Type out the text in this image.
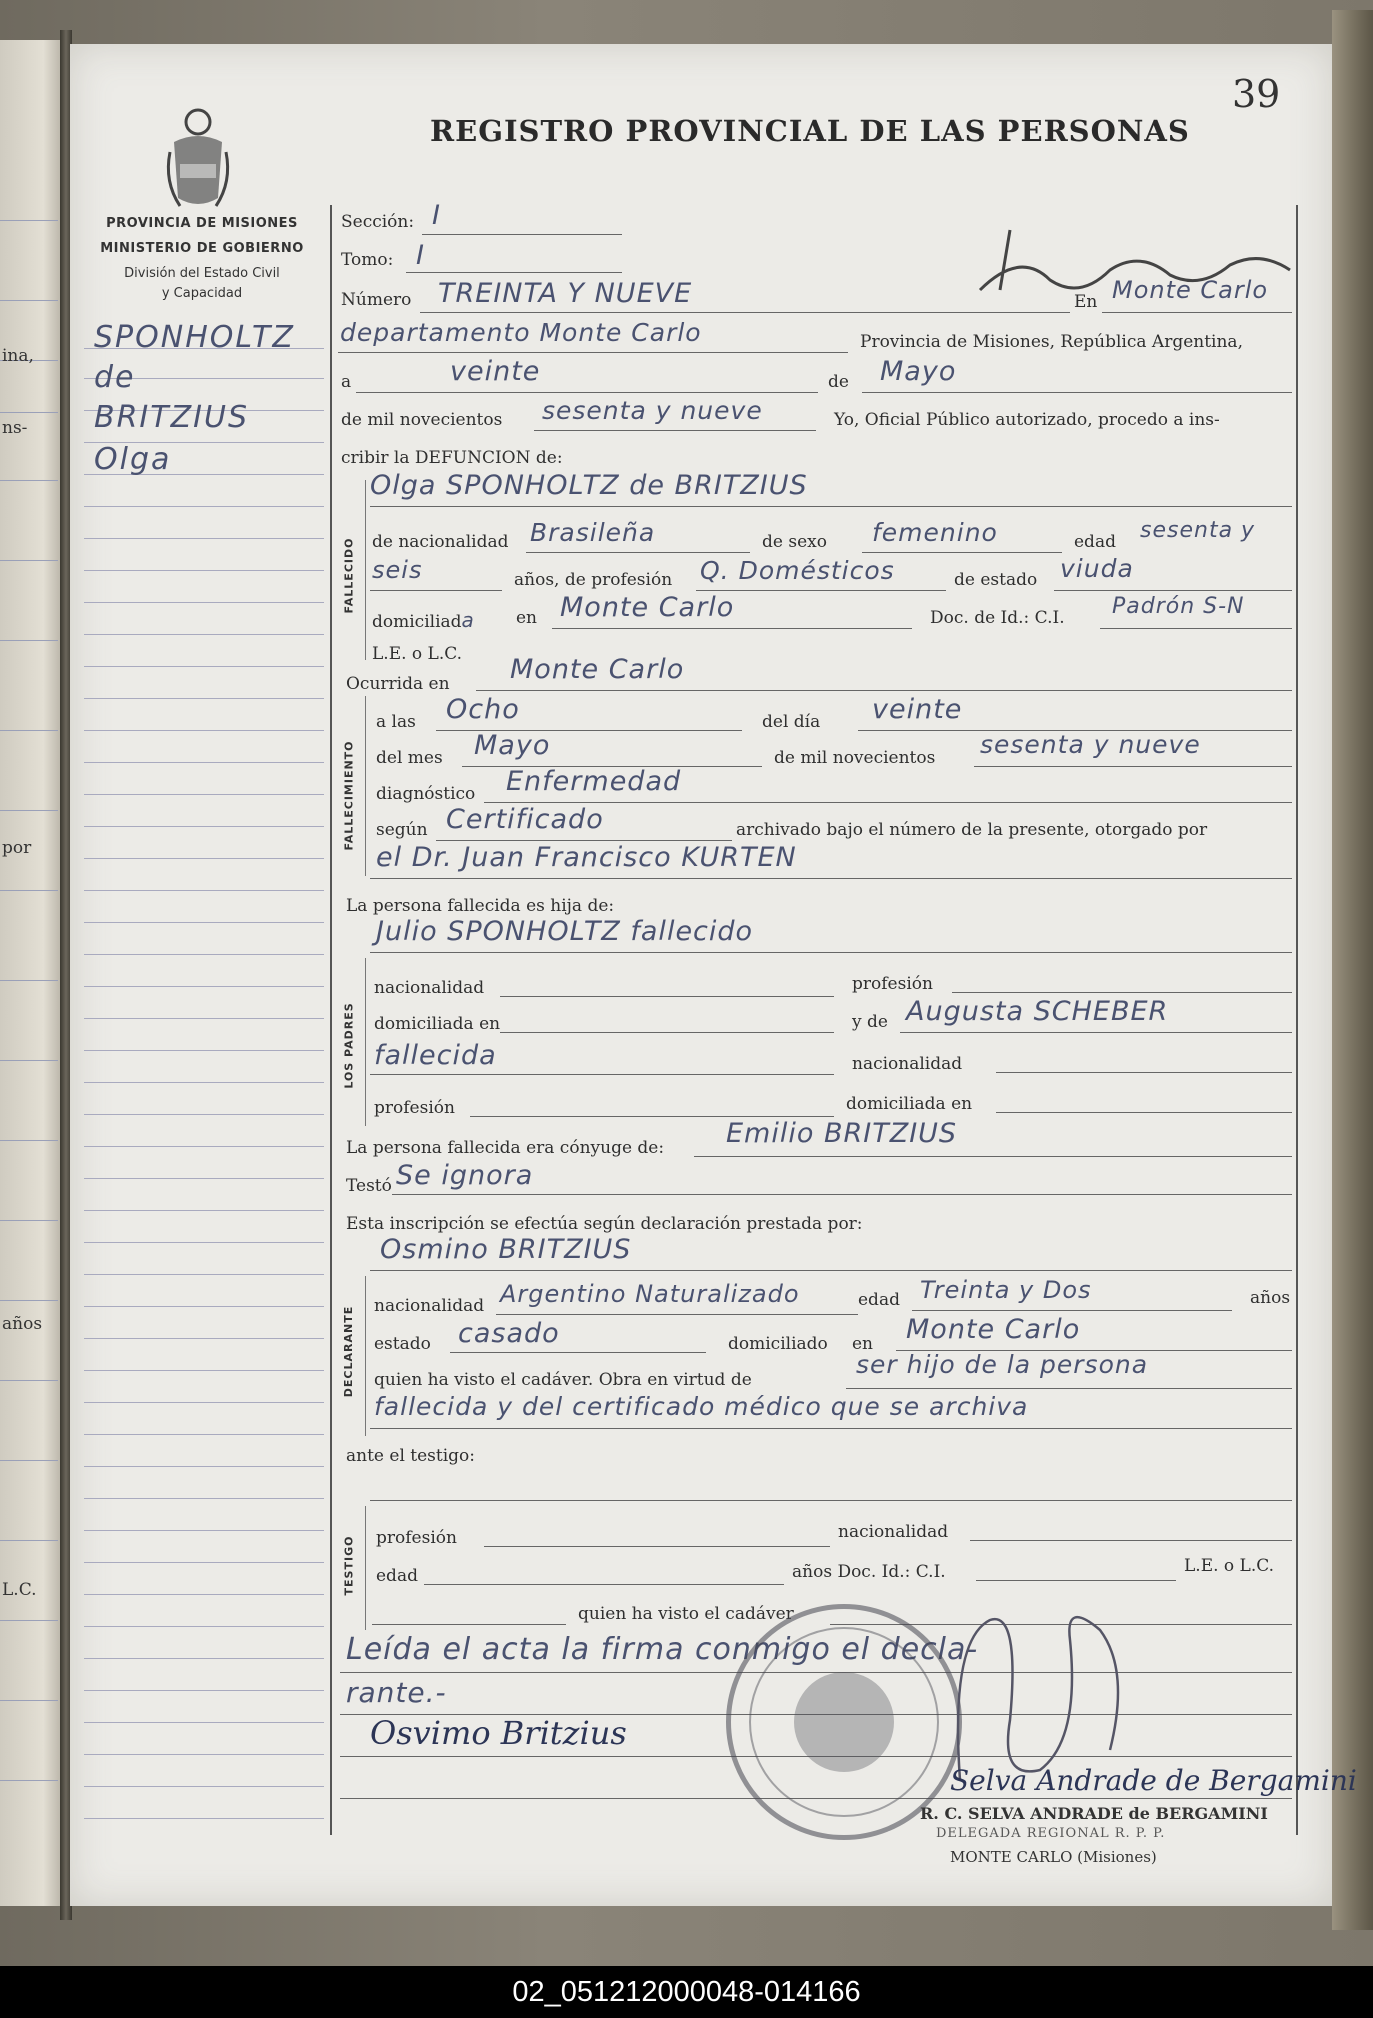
ina,
ns-
por
años
L.C.
39
REGISTRO PROVINCIAL DE LAS PERSONAS
PROVINCIA DE MISIONES
MINISTERIO DE GOBIERNO
División del Estado Civil
y Capacidad
SPONHOLTZ
de
BRITZIUS
Olga
Sección: I
Tomo: I
Número TREINTA Y NUEVE	En Monte Carlo
departamento Monte Carlo	Provincia de Misiones, República Argentina,
a	veinte	de Mayo
de mil novecientos sesenta y nueve	Yo, Oficial Público autorizado, procedo a ins-
cribir la DEFUNCION de:
FALLECIDO
Olga SPONHOLTZ de BRITZIUS
de nacionalidad Brasileña	de sexo femenino	edad sesenta y
seis	años, de profesión Q. Domésticos	de estado viuda
domiciliada en Monte Carlo	Doc. de Id.: C.I. Padrón S-N
L.E. o L.C.
Ocurrida en Monte Carlo
FALLECIMIENTO
a las Ocho	del día veinte
del mes Mayo	de mil novecientos sesenta y nueve
diagnóstico Enfermedad
según Certificado	archivado bajo el número de la presente, otorgado por
el Dr. Juan Francisco KURTEN
La persona fallecida es hija de:
Julio SPONHOLTZ fallecido
LOS PADRES
nacionalidad	profesión
domiciliada en	y de Augusta SCHEBER
fallecida	nacionalidad
profesión	domiciliada en
La persona fallecida era cónyuge de: Emilio BRITZIUS
Testó Se ignora
Esta inscripción se efectúa según declaración prestada por:
Osmino BRITZIUS
DECLARANTE nacionalidad Argentino Naturalizado	edad Treinta y Dos	años
estado casado	domiciliado en Monte Carlo
quien ha visto el cadáver. Obra en virtud de
ser hijo de la persona
fallecida y del certificado médico que se archiva
ante el testigo:
TESTIGO profesión	nacionalidad
edad	años Doc. Id.: C.I.	L.E. o L.C.
quien ha visto el cadáver
Leída el acta la firma conmigo el decla-
rante.-
Osvimo Britzius
Selva Andrade de Bergamini
R. C. SELVA ANDRADE de BERGAMINI
DELEGADA REGIONAL R. P. P.
MONTE CARLO (Misiones)
02_051212000048-014166
